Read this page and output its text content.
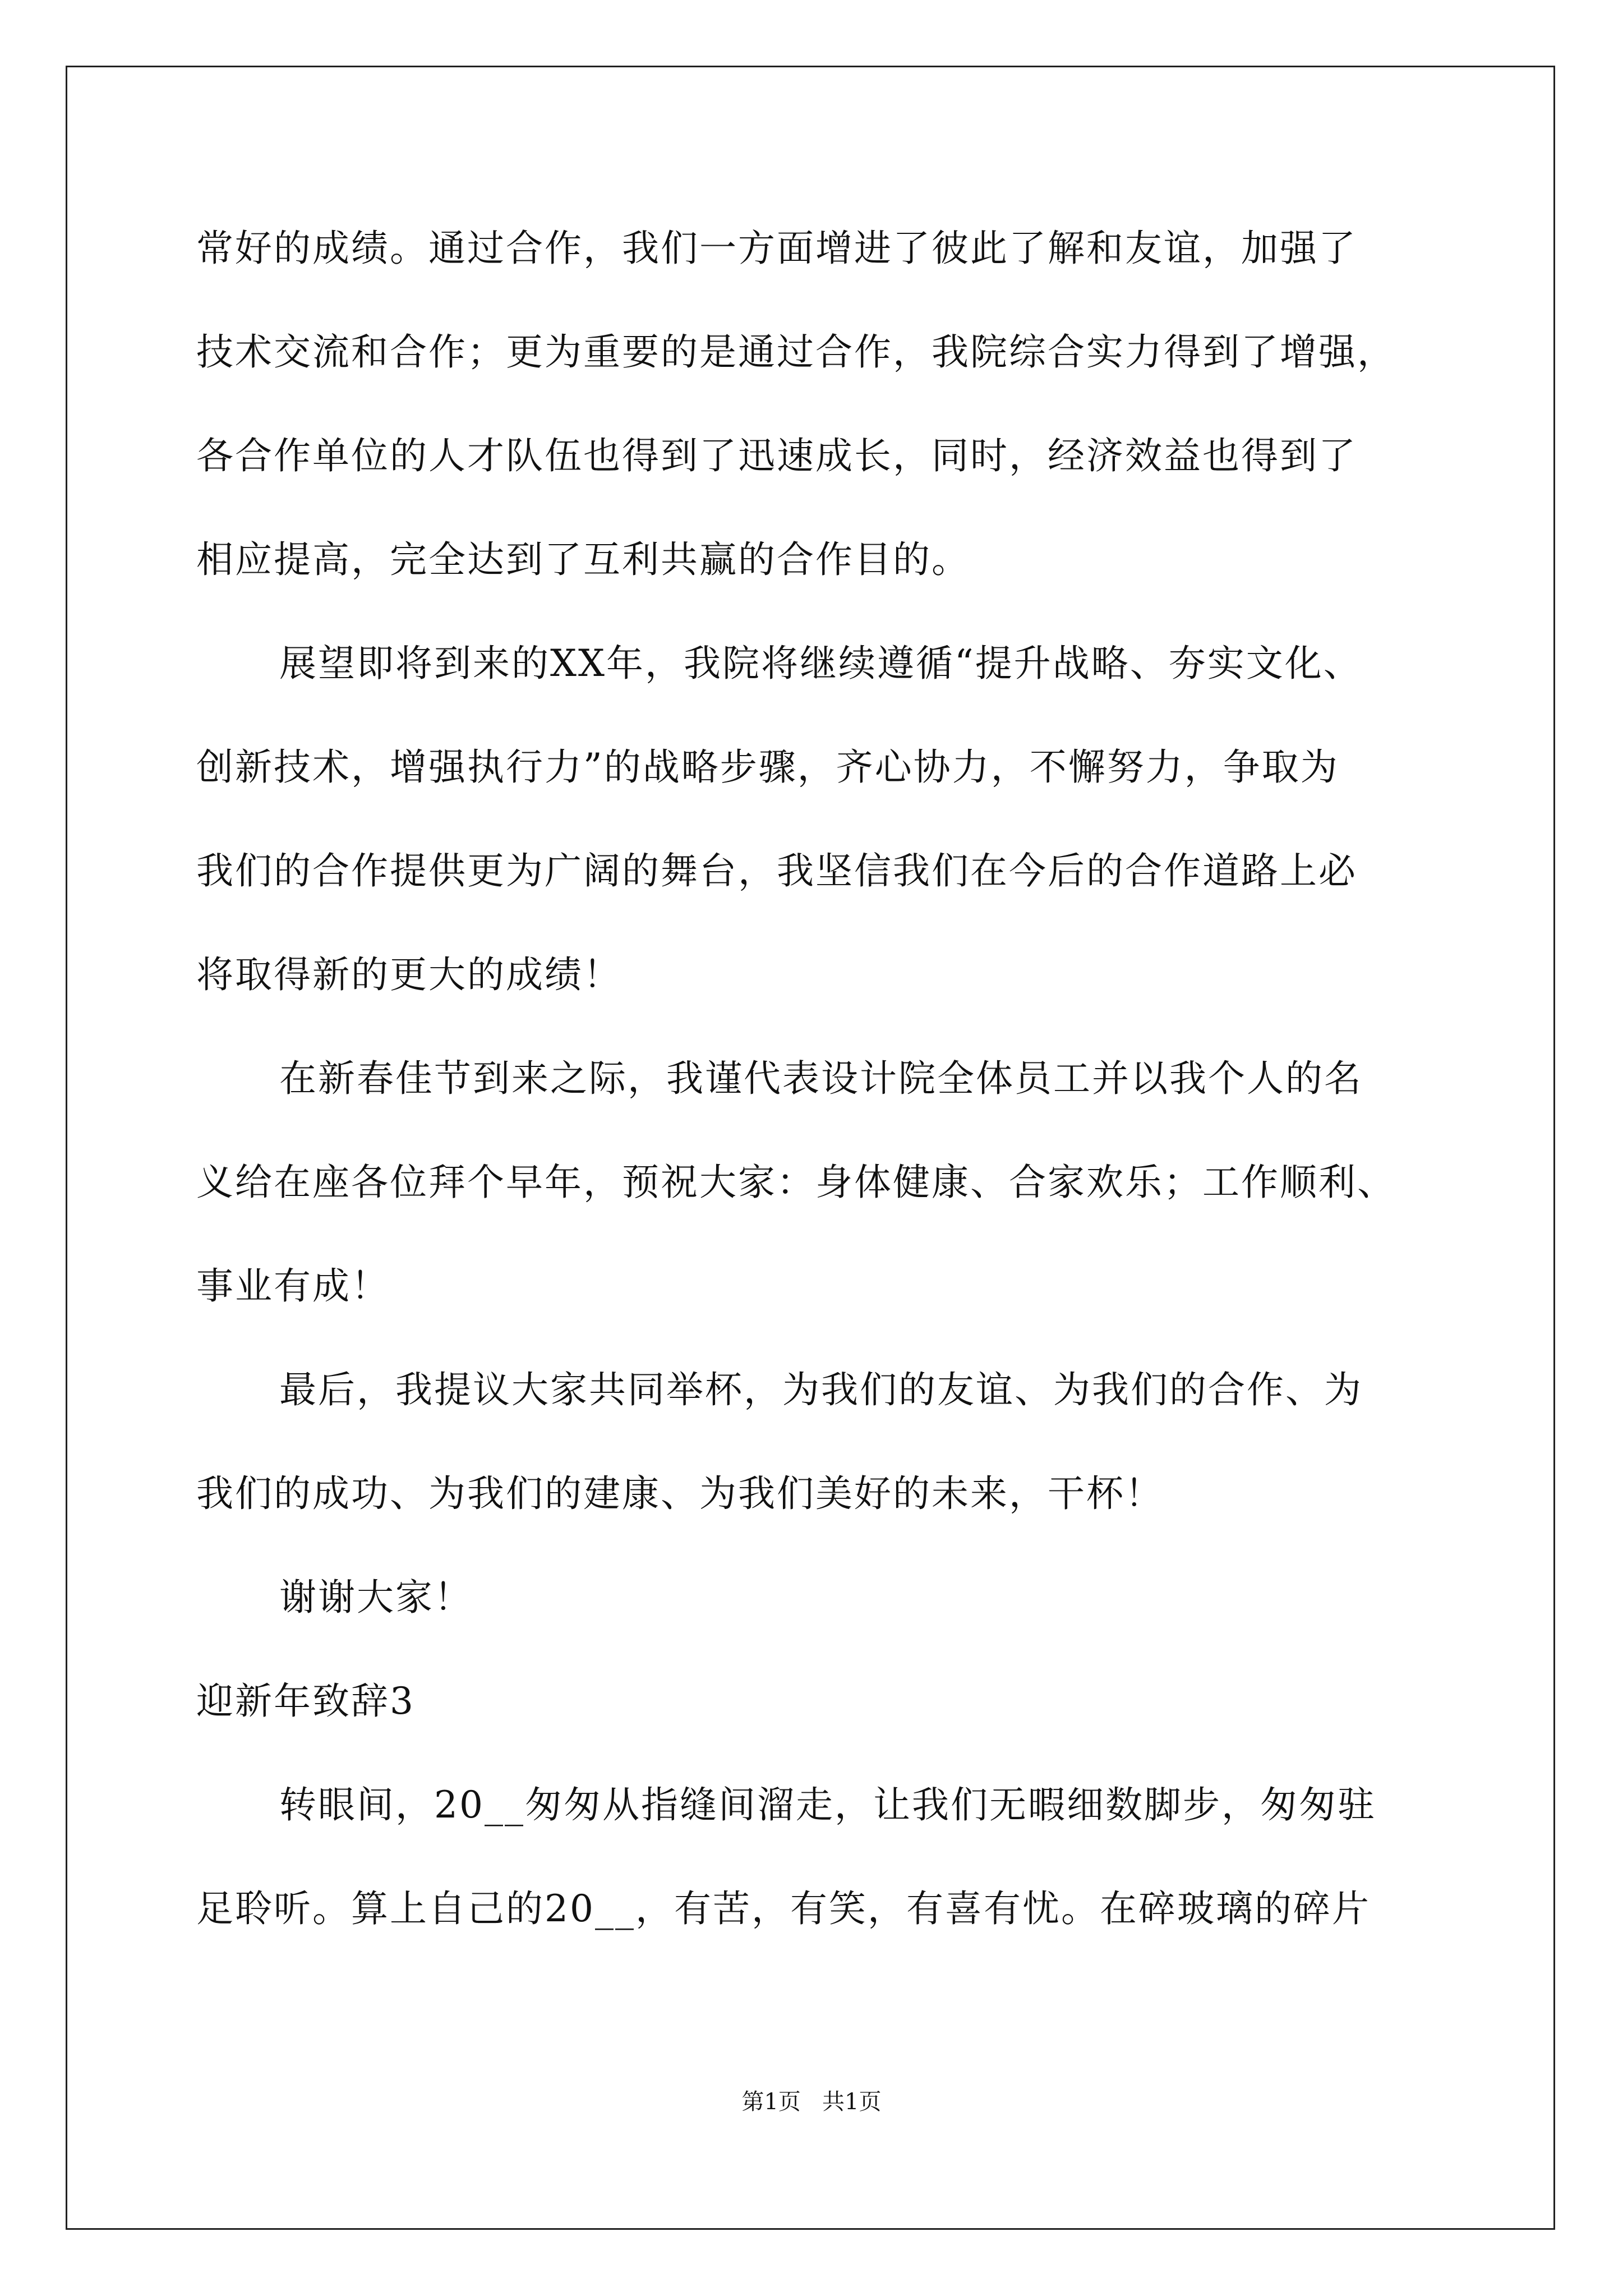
常好的成绩。通过合作，我们一方面增进了彼此了解和友谊，加强了
技术交流和合作；更为重要的是通过合作，我院综合实力得到了增强，
各合作单位的人才队伍也得到了迅速成长，同时，经济效益也得到了
相应提高，完全达到了互利共赢的合作目的。
展望即将到来的XX年，我院将继续遵循“提升战略、夯实文化、
创新技术，增强执行力”的战略步骤，齐心协力，不懈努力，争取为
我们的合作提供更为广阔的舞台，我坚信我们在今后的合作道路上必
将取得新的更大的成绩！
在新春佳节到来之际，我谨代表设计院全体员工并以我个人的名
义给在座各位拜个早年，预祝大家：身体健康、合家欢乐；工作顺利、
事业有成！
最后，我提议大家共同举杯，为我们的友谊、为我们的合作、为
我们的成功、为我们的建康、为我们美好的未来，干杯！
谢谢大家！
迎新年致辞3
转眼间，20__匆匆从指缝间溜走，让我们无暇细数脚步，匆匆驻
足聆听。算上自己的20__，有苦，有笑，有喜有忧。在碎玻璃的碎片
第1页   共1页
